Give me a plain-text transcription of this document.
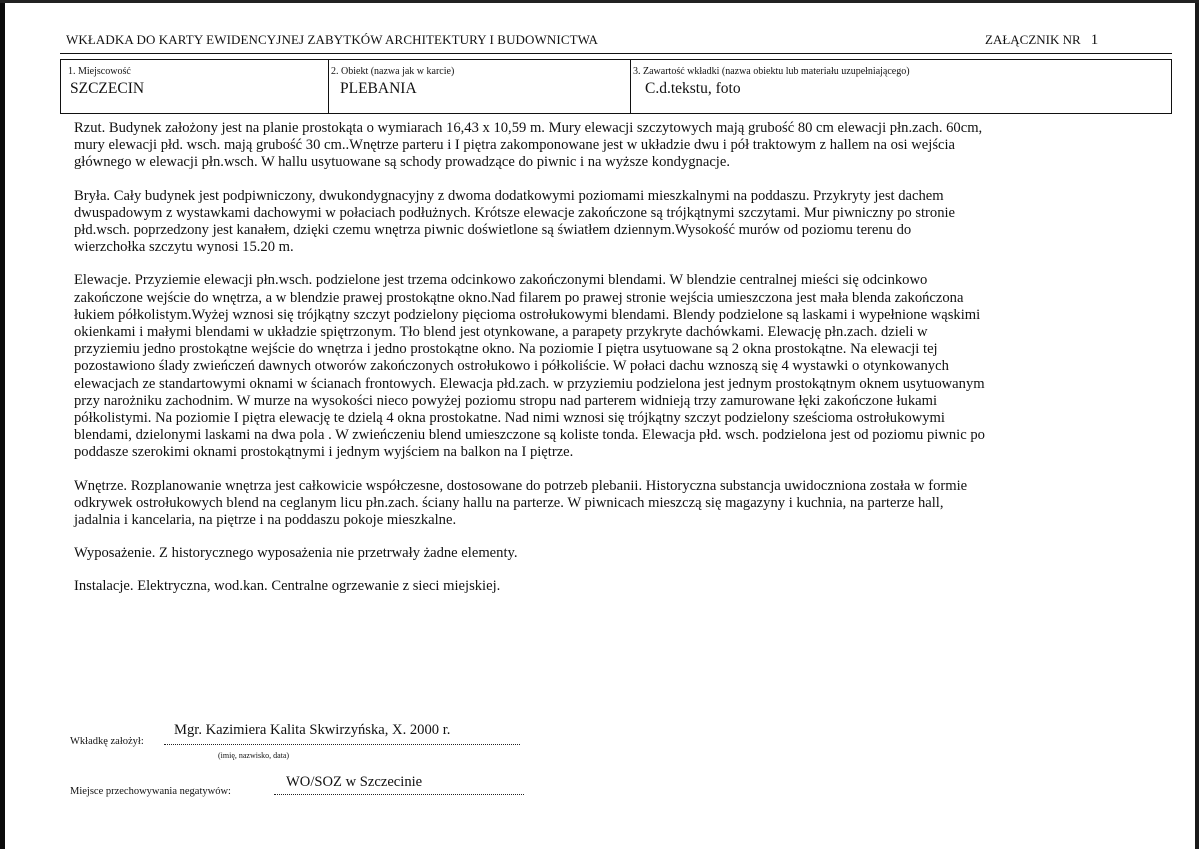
WKŁADKA DO KARTY EWIDENCYJNEJ ZABYTKÓW ARCHITEKTURY I BUDOWNICTWA	ZAŁĄCZNIK NR 1
1. Miejscowość
SZCZECIN
2. Obiekt (nazwa jak w karcie)
PLEBANIA
3. Zawartość wkładki (nazwa obiektu lub materiału uzupełniającego)
C.d.tekstu, foto

Rzut. Budynek założony jest na planie prostokąta o wymiarach 16,43 x 10,59 m. Mury elewacji szczytowych mają grubość 80 cm elewacji płn.zach. 60cm,
mury elewacji płd. wsch. mają grubość 30 cm..Wnętrze parteru i I piętra zakomponowane jest w układzie dwu i pół traktowym z hallem na osi wejścia
głównego w elewacji płn.wsch. W hallu usytuowane są schody prowadzące do piwnic i na wyższe kondygnacje.

Bryła. Cały budynek jest podpiwniczony, dwukondygnacyjny z dwoma dodatkowymi poziomami mieszkalnymi na poddaszu. Przykryty jest dachem
dwuspadowym z wystawkami dachowymi w połaciach podłużnych. Krótsze elewacje zakończone są trójkątnymi szczytami. Mur piwniczny po stronie
płd.wsch. poprzedzony jest kanałem, dzięki czemu wnętrza piwnic doświetlone są światłem dziennym.Wysokość murów od poziomu terenu do
wierzchołka szczytu wynosi 15.20 m.

Elewacje. Przyziemie elewacji płn.wsch. podzielone jest trzema odcinkowo zakończonymi blendami. W blendzie centralnej mieści się odcinkowo
zakończone wejście do wnętrza, a w blendzie prawej prostokątne okno.Nad filarem po prawej stronie wejścia umieszczona jest mała blenda zakończona
łukiem półkolistym.Wyżej wznosi się trójkątny szczyt podzielony pięcioma ostrołukowymi blendami. Blendy podzielone są laskami i wypełnione wąskimi
okienkami i małymi blendami w układzie spiętrzonym. Tło blend jest otynkowane, a parapety przykryte dachówkami. Elewację płn.zach. dzieli w
przyziemiu jedno prostokątne wejście do wnętrza i jedno prostokątne okno. Na poziomie I piętra usytuowane są 2 okna prostokątne. Na elewacji tej
pozostawiono ślady zwieńczeń dawnych otworów zakończonych ostrołukowo i półkoliście. W połaci dachu wznoszą się 4 wystawki o otynkowanych
elewacjach ze standartowymi oknami w ścianach frontowych. Elewacja płd.zach. w przyziemiu podzielona jest jednym prostokątnym oknem usytuowanym
przy narożniku zachodnim. W murze na wysokości nieco powyżej poziomu stropu nad parterem widnieją trzy zamurowane łęki zakończone łukami
półkolistymi. Na poziomie I piętra elewację te dzielą 4 okna prostokatne. Nad nimi wznosi się trójkątny szczyt podzielony sześcioma ostrołukowymi
blendami, dzielonymi laskami na dwa pola . W zwieńczeniu blend umieszczone są koliste tonda. Elewacja płd. wsch. podzielona jest od poziomu piwnic po
poddasze szerokimi oknami prostokątnymi i jednym wyjściem na balkon na I piętrze.

Wnętrze. Rozplanowanie wnętrza jest całkowicie współczesne, dostosowane do potrzeb plebanii. Historyczna substancja uwidoczniona została w formie
odkrywek ostrołukowych blend na ceglanym licu płn.zach. ściany hallu na parterze. W piwnicach mieszczą się magazyny i kuchnia, na parterze hall,
jadalnia i kancelaria, na piętrze i na poddaszu pokoje mieszkalne.

Wyposażenie. Z historycznego wyposażenia nie przetrwały żadne elementy.

Instalacje. Elektryczna, wod.kan. Centralne ogrzewanie z sieci miejskiej.

Wkładkę założył:
Mgr. Kazimiera Kalita Skwirzyńska, X. 2000 r.
(imię, nazwisko, data)
Miejsce przechowywania negatywów:
WO/SOZ w Szczecinie
